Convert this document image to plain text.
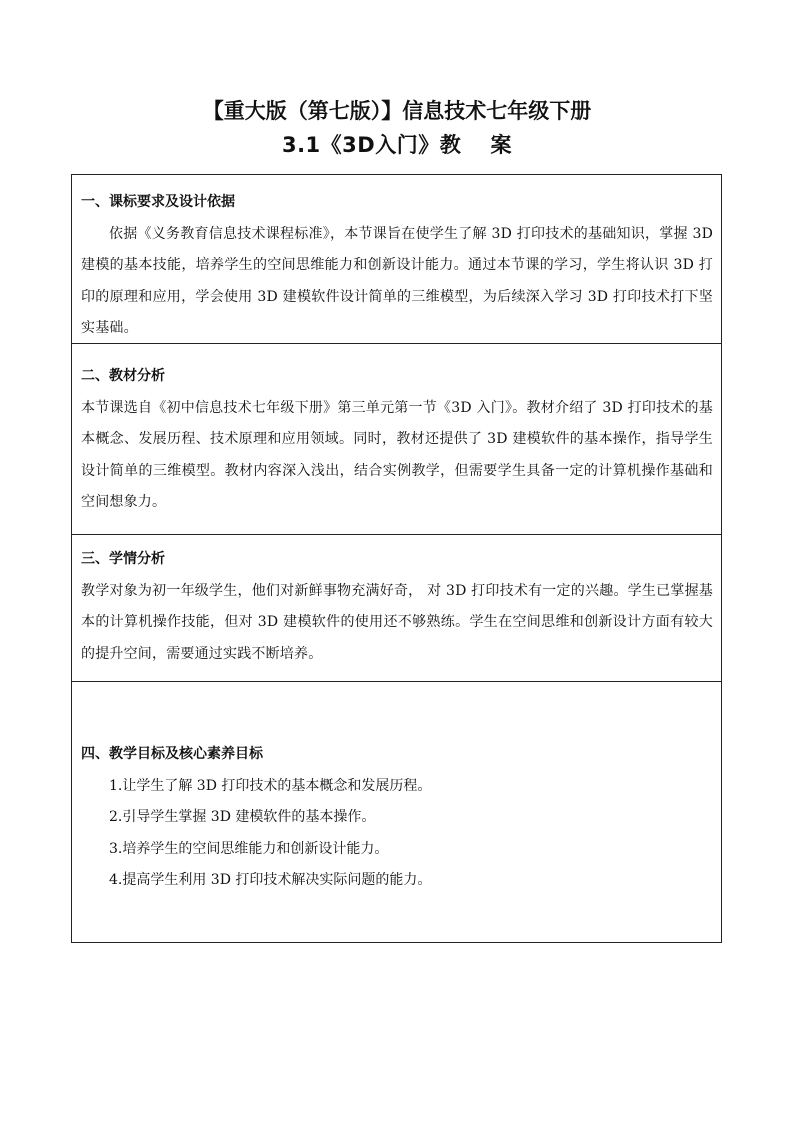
【重大版（第七版）】信息技术七年级下册
3.1《3D入门》教　 案
一、课标要求及设计依据

依据《义务教育信息技术课程标准》，本节课旨在使学生了解 3D 打印技术的基础知识，掌握 3D 建模的基本技能，培养学生的空间思维能力和创新设计能力。通过本节课的学习，学生将认识 3D 打印的原理和应用，学会使用 3D 建模软件设计简单的三维模型，为后续深入学习 3D 打印技术打下坚实基础。

二、教材分析

本节课选自《初中信息技术七年级下册》第三单元第一节《3D 入门》。教材介绍了 3D 打印技术的基本概念、发展历程、技术原理和应用领域。同时，教材还提供了 3D 建模软件的基本操作，指导学生设计简单的三维模型。教材内容深入浅出，结合实例教学，但需要学生具备一定的计算机操作基础和空间想象力。

三、学情分析

教学对象为初一年级学生，他们对新鲜事物充满好奇， 对 3D 打印技术有一定的兴趣。学生已掌握基本的计算机操作技能，但对 3D 建模软件的使用还不够熟练。学生在空间思维和创新设计方面有较大的提升空间，需要通过实践不断培养。

四、教学目标及核心素养目标
1.让学生了解 3D 打印技术的基本概念和发展历程。
2.引导学生掌握 3D 建模软件的基本操作。
3.培养学生的空间思维能力和创新设计能力。
4.提高学生利用 3D 打印技术解决实际问题的能力。
